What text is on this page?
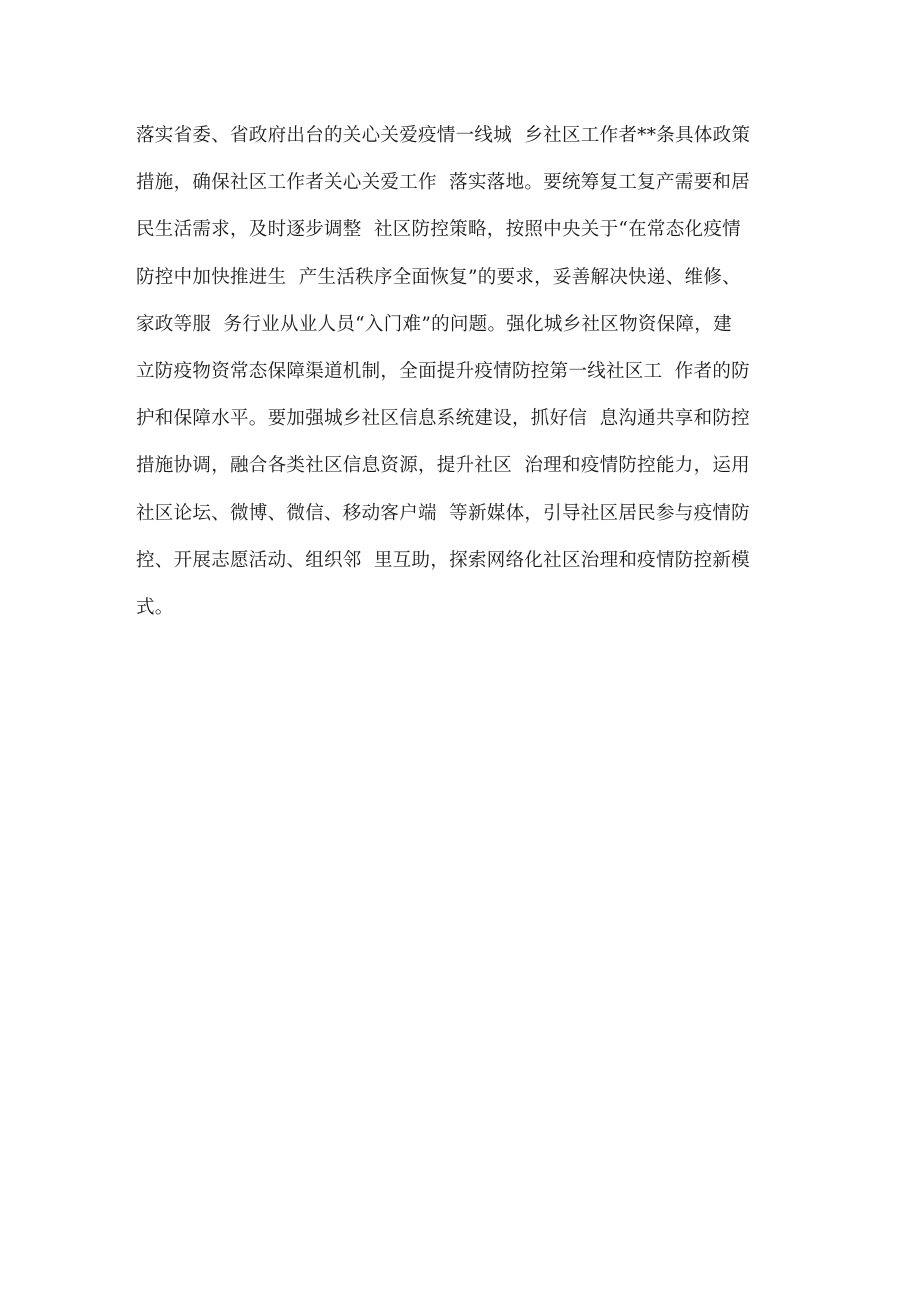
落实省委、省政府出台的关心关爱疫情一线城  乡社区工作者**条具体政策
措施，确保社区工作者关心关爱工作  落实落地。要统筹复工复产需要和居
民生活需求，及时逐步调整  社区防控策略，按照中央关于“在常态化疫情
防控中加快推进生  产生活秩序全面恢复”的要求，妥善解决快递、维修、
家政等服  务行业从业人员“入门难”的问题。强化城乡社区物资保障，建
立防疫物资常态保障渠道机制，全面提升疫情防控第一线社区工  作者的防
护和保障水平。要加强城乡社区信息系统建设，抓好信  息沟通共享和防控
措施协调，融合各类社区信息资源，提升社区  治理和疫情防控能力，运用
社区论坛、微博、微信、移动客户端  等新媒体，引导社区居民参与疫情防
控、开展志愿活动、组织邻  里互助，探索网络化社区治理和疫情防控新模
式。
